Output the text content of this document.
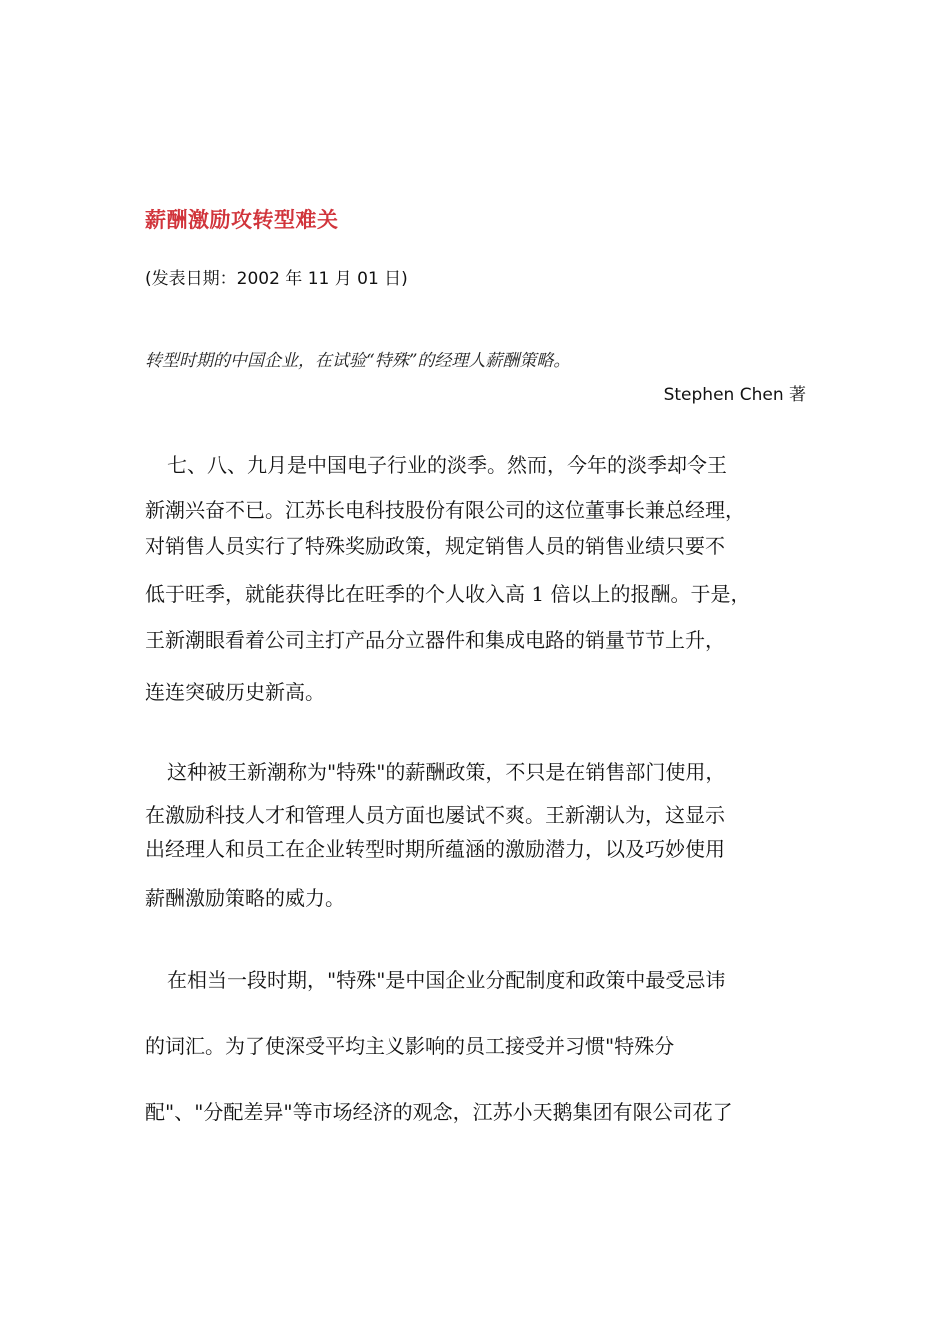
薪酬激励攻转型难关
(发表日期：2002 年 11 月 01 日)
转型时期的中国企业，在试验“特殊”的经理人薪酬策略。
Stephen Chen 著
七、八、九月是中国电子行业的淡季。然而，今年的淡季却令王
新潮兴奋不已。江苏长电科技股份有限公司的这位董事长兼总经理，
对销售人员实行了特殊奖励政策，规定销售人员的销售业绩只要不
低于旺季，就能获得比在旺季的个人收入高 1 倍以上的报酬。于是，
王新潮眼看着公司主打产品分立器件和集成电路的销量节节上升，
连连突破历史新高。
这种被王新潮称为"特殊"的薪酬政策，不只是在销售部门使用，
在激励科技人才和管理人员方面也屡试不爽。王新潮认为，这显示
出经理人和员工在企业转型时期所蕴涵的激励潜力，以及巧妙使用
薪酬激励策略的威力。
在相当一段时期，"特殊"是中国企业分配制度和政策中最受忌讳
的词汇。为了使深受平均主义影响的员工接受并习惯"特殊分
配"、"分配差异"等市场经济的观念，江苏小天鹅集团有限公司花了
